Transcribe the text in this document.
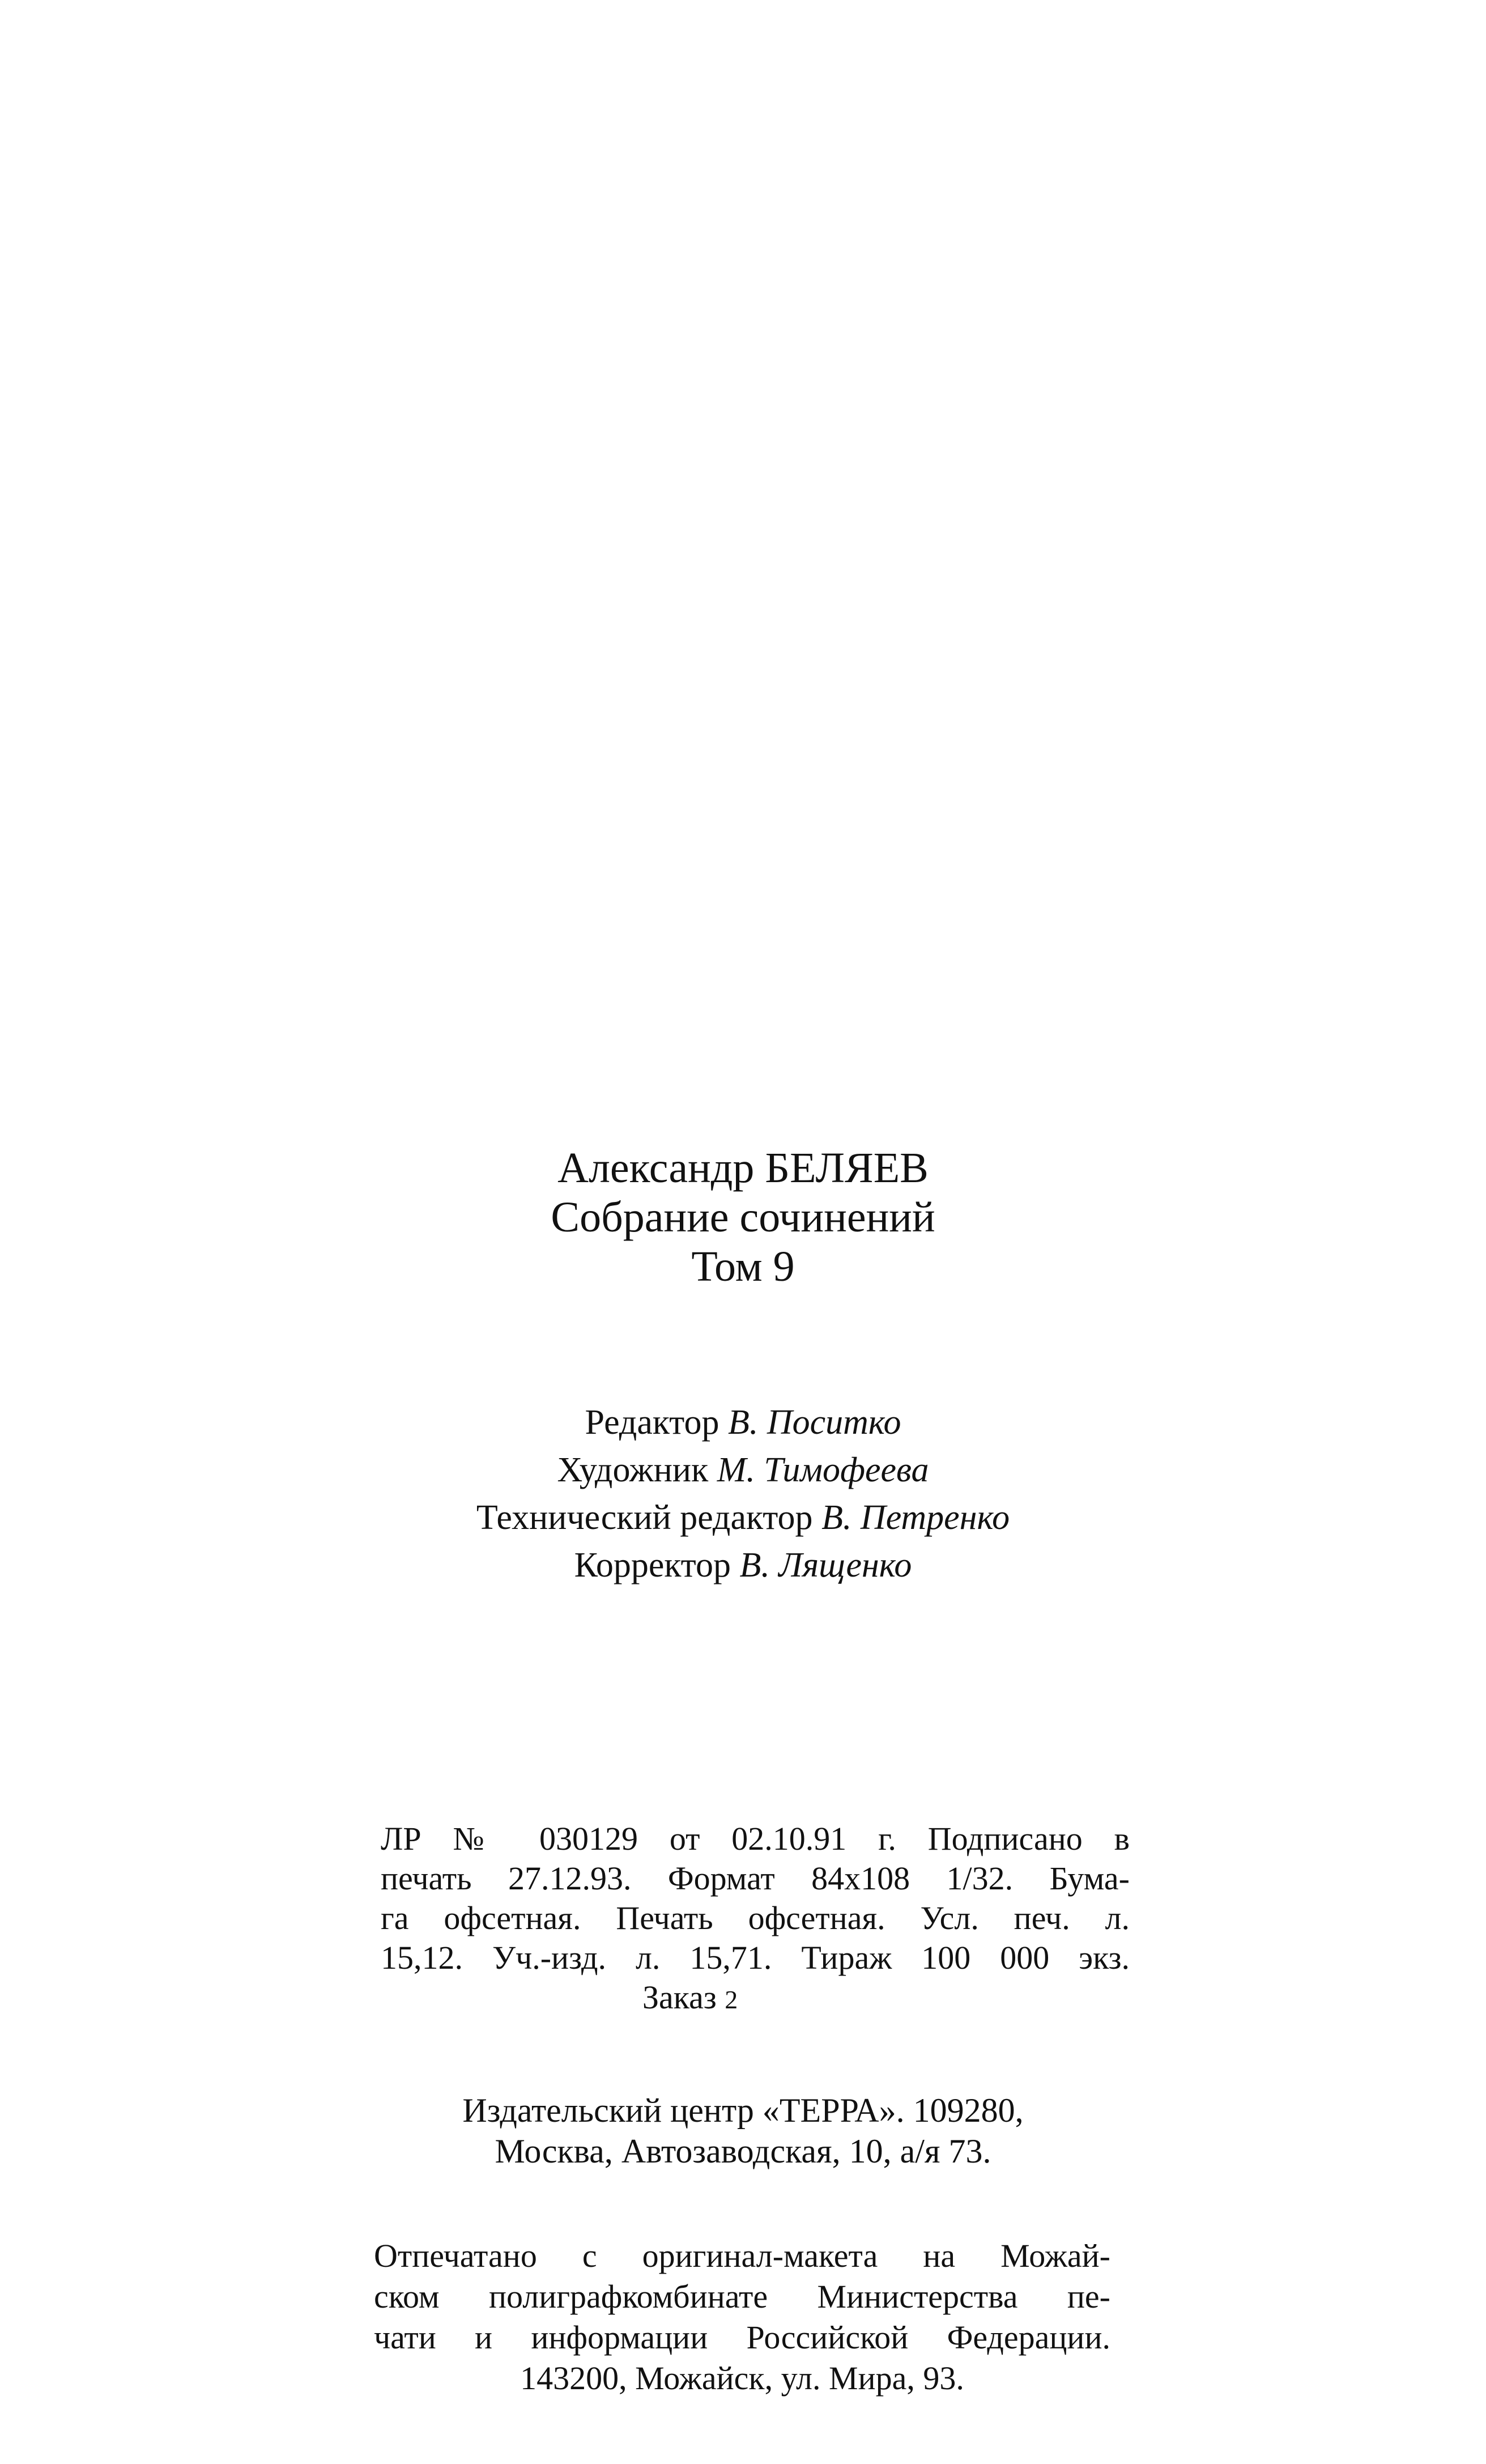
Александр БЕЛЯЕВ
Собрание сочинений
Том 9
Редактор В. Поситко
Художник М. Тимофеева
Технический редактор В. Петренко
Корректор В. Лященко
ЛР № 030129 от 02.10.91 г. Подписано в
печать 27.12.93. Формат 84х108 1/32. Бума-
га офсетная. Печать офсетная. Усл. печ. л.
15,12. Уч.-изд. л. 15,71. Тираж 100 000 экз.
Заказ 2
Издательский центр «ТЕРРА». 109280,
Москва, Автозаводская, 10, а/я 73.
Отпечатано с оригинал-макета на Можай-
ском полиграфкомбинате Министерства пе-
чати и информации Российской Федерации.
143200, Можайск, ул. Мира, 93.
